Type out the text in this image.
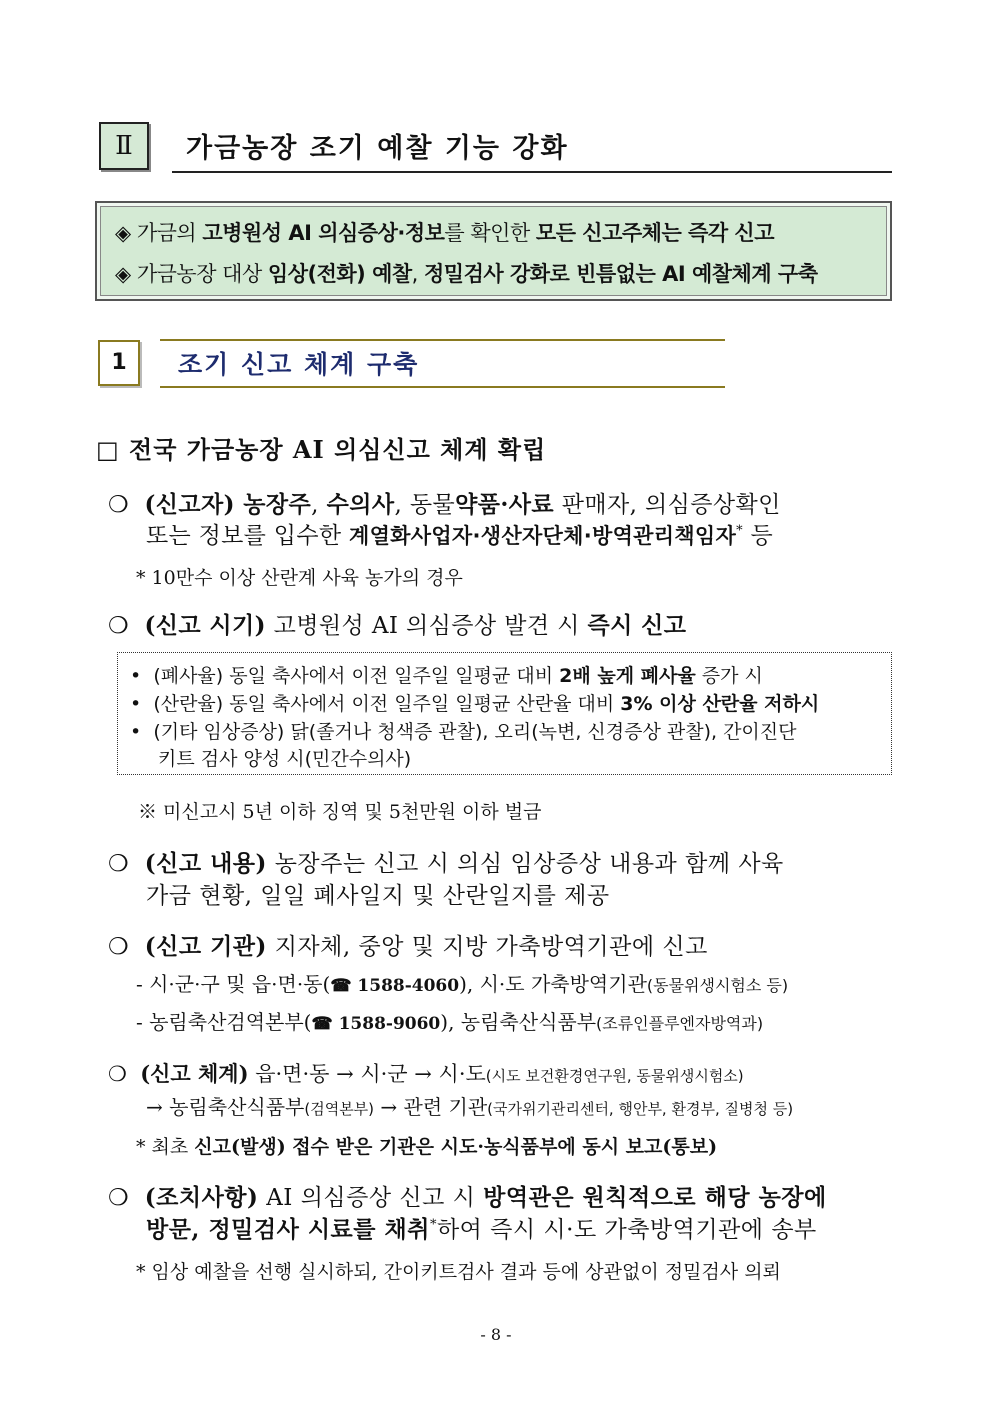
Ⅱ	가금농장 조기 예찰 기능 강화
◈ 가금의 고병원성 AI 의심증상·정보를 확인한 모든 신고주체는 즉각 신고
◈ 가금농장 대상 임상(전화) 예찰, 정밀검사 강화로 빈틈없는 AI 예찰체계 구축
1	조기 신고 체계 구축
□ 전국 가금농장 AI 의심신고 체계 확립
❍ (신고자) 농장주, 수의사, 동물약품·사료 판매자, 의심증상확인
또는 정보를 입수한 계열화사업자·생산자단체·방역관리책임자* 등
* 10만수 이상 산란계 사육 농가의 경우
❍ (신고 시기) 고병원성 AI 의심증상 발견 시 즉시 신고
• (폐사율) 동일 축사에서 이전 일주일 일평균 대비 2배 높게 폐사율 증가 시
• (산란율) 동일 축사에서 이전 일주일 일평균 산란율 대비 3% 이상 산란율 저하시
• (기타 임상증상) 닭(졸거나 청색증 관찰), 오리(녹변, 신경증상 관찰), 간이진단
키트 검사 양성 시(민간수의사)
※ 미신고시 5년 이하 징역 및 5천만원 이하 벌금
❍ (신고 내용) 농장주는 신고 시 의심 임상증상 내용과 함께 사육
가금 현황, 일일 폐사일지 및 산란일지를 제공
❍ (신고 기관) 지자체, 중앙 및 지방 가축방역기관에 신고
- 시·군·구 및 읍·면·동(☎ 1588-4060), 시·도 가축방역기관(동물위생시험소 등)
- 농림축산검역본부(☎ 1588-9060), 농림축산식품부(조류인플루엔자방역과)
❍ (신고 체계) 읍·면·동 → 시·군 → 시·도(시도 보건환경연구원, 동물위생시험소)
→ 농림축산식품부(검역본부) → 관련 기관(국가위기관리센터, 행안부, 환경부, 질병청 등)
* 최초 신고(발생) 접수 받은 기관은 시도·농식품부에 동시 보고(통보)
❍ (조치사항) AI 의심증상 신고 시 방역관은 원칙적으로 해당 농장에
방문, 정밀검사 시료를 채취*하여 즉시 시·도 가축방역기관에 송부
* 임상 예찰을 선행 실시하되, 간이키트검사 결과 등에 상관없이 정밀검사 의뢰
- 8 -
